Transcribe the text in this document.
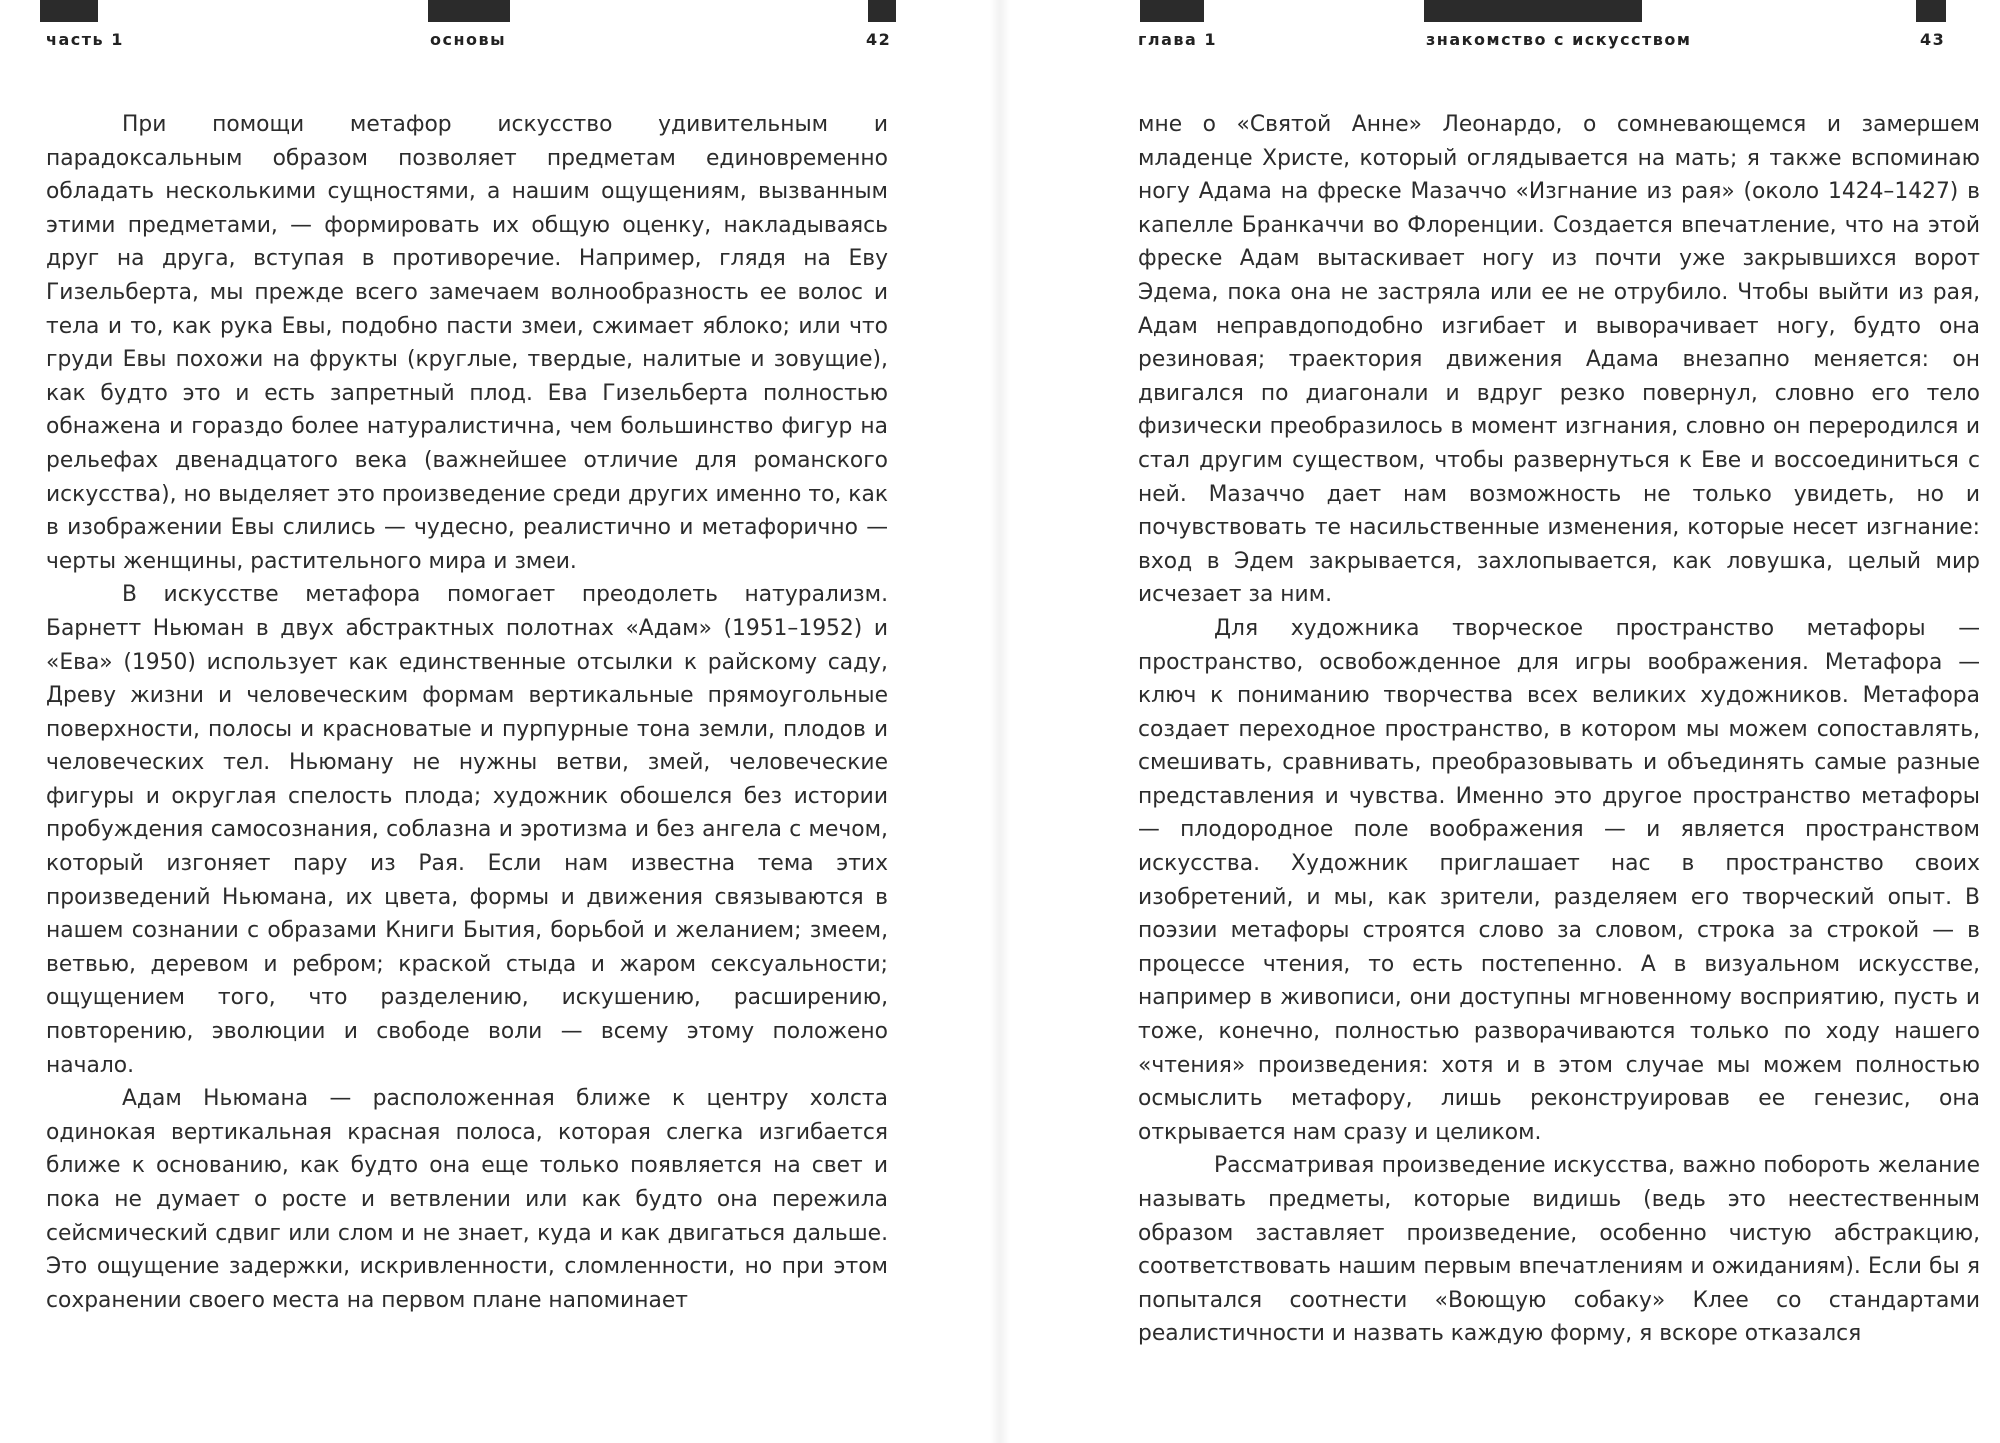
часть 1	основы	42

При помощи метафор искусство удивительным и парадоксальным образом позволяет предметам единовременно обладать несколькими сущностями, а нашим ощущениям, вызванным этими предметами, — формировать их общую оценку, накладываясь друг на друга, вступая в противоречие. Например, глядя на Еву Гизельберта, мы прежде всего замечаем волнообразность ее волос и тела и то, как рука Евы, подобно пасти змеи, сжимает яблоко; или что груди Евы похожи на фрукты (круглые, твердые, налитые и зовущие), как будто это и есть запретный плод. Ева Гизельберта полностью обнажена и гораздо более натуралистична, чем большинство фигур на рельефах двенадцатого века (важнейшее отличие для романского искусства), но выделяет это произведение среди других именно то, как в изображении Евы слились — чудесно, реалистично и метафорично — черты женщины, растительного мира и змеи.

В искусстве метафора помогает преодолеть натурализм. Барнетт Ньюман в двух абстрактных полотнах «Адам» (1951–1952) и «Ева» (1950) использует как единственные отсылки к райскому саду, Древу жизни и человеческим формам вертикальные прямоугольные поверхности, полосы и красноватые и пурпурные тона земли, плодов и человеческих тел. Ньюману не нужны ветви, змей, человеческие фигуры и округлая спелость плода; художник обошелся без истории пробуждения самосознания, соблазна и эротизма и без ангела с мечом, который изгоняет пару из Рая. Если нам известна тема этих произведений Ньюмана, их цвета, формы и движения связываются в нашем сознании с образами Книги Бытия, борьбой и желанием; змеем, ветвью, деревом и ребром; краской стыда и жаром сексуальности; ощущением того, что разделению, искушению, расширению, повторению, эволюции и свободе воли — всему этому положено начало.

Адам Ньюмана — расположенная ближе к центру холста одинокая вертикальная красная полоса, которая слегка изгибается ближе к основанию, как будто она еще только появляется на свет и пока не думает о росте и ветвлении или как будто она пережила сейсмический сдвиг или слом и не знает, куда и как двигаться дальше. Это ощущение задержки, искривленности, сломленности, но при этом сохранении своего места на первом плане напоминает

глава 1	знакомство с искусством	43

мне о «Святой Анне» Леонардо, о сомневающемся и замершем младенце Христе, который оглядывается на мать; я также вспоминаю ногу Адама на фреске Мазаччо «Изгнание из рая» (около 1424–1427) в капелле Бранкаччи во Флоренции. Создается впечатление, что на этой фреске Адам вытаскивает ногу из почти уже закрывшихся ворот Эдема, пока она не застряла или ее не отрубило. Чтобы выйти из рая, Адам неправдоподобно изгибает и выворачивает ногу, будто она резиновая; траектория движения Адама внезапно меняется: он двигался по диагонали и вдруг резко повернул, словно его тело физически преобразилось в момент изгнания, словно он переродился и стал другим существом, чтобы развернуться к Еве и воссоединиться с ней. Мазаччо дает нам возможность не только увидеть, но и почувствовать те насильственные изменения, которые несет изгнание: вход в Эдем закрывается, захлопывается, как ловушка, целый мир исчезает за ним.

Для художника творческое пространство метафоры — пространство, освобожденное для игры воображения. Метафора — ключ к пониманию творчества всех великих художников. Метафора создает переходное пространство, в котором мы можем сопоставлять, смешивать, сравнивать, преобразовывать и объединять самые разные представления и чувства. Именно это другое пространство метафоры — плодородное поле воображения — и является пространством искусства. Художник приглашает нас в пространство своих изобретений, и мы, как зрители, разделяем его творческий опыт. В поэзии метафоры строятся слово за словом, строка за строкой — в процессе чтения, то есть постепенно. А в визуальном искусстве, например в живописи, они доступны мгновенному восприятию, пусть и тоже, конечно, полностью разворачиваются только по ходу нашего «чтения» произведения: хотя и в этом случае мы можем полностью осмыслить метафору, лишь реконструировав ее генезис, она открывается нам сразу и целиком.

Рассматривая произведение искусства, важно побороть желание называть предметы, которые видишь (ведь это неестественным образом заставляет произведение, особенно чистую абстракцию, соответствовать нашим первым впечатлениям и ожиданиям). Если бы я попытался соотнести «Воющую собаку» Клее со стандартами реалистичности и назвать каждую форму, я вскоре отказался
